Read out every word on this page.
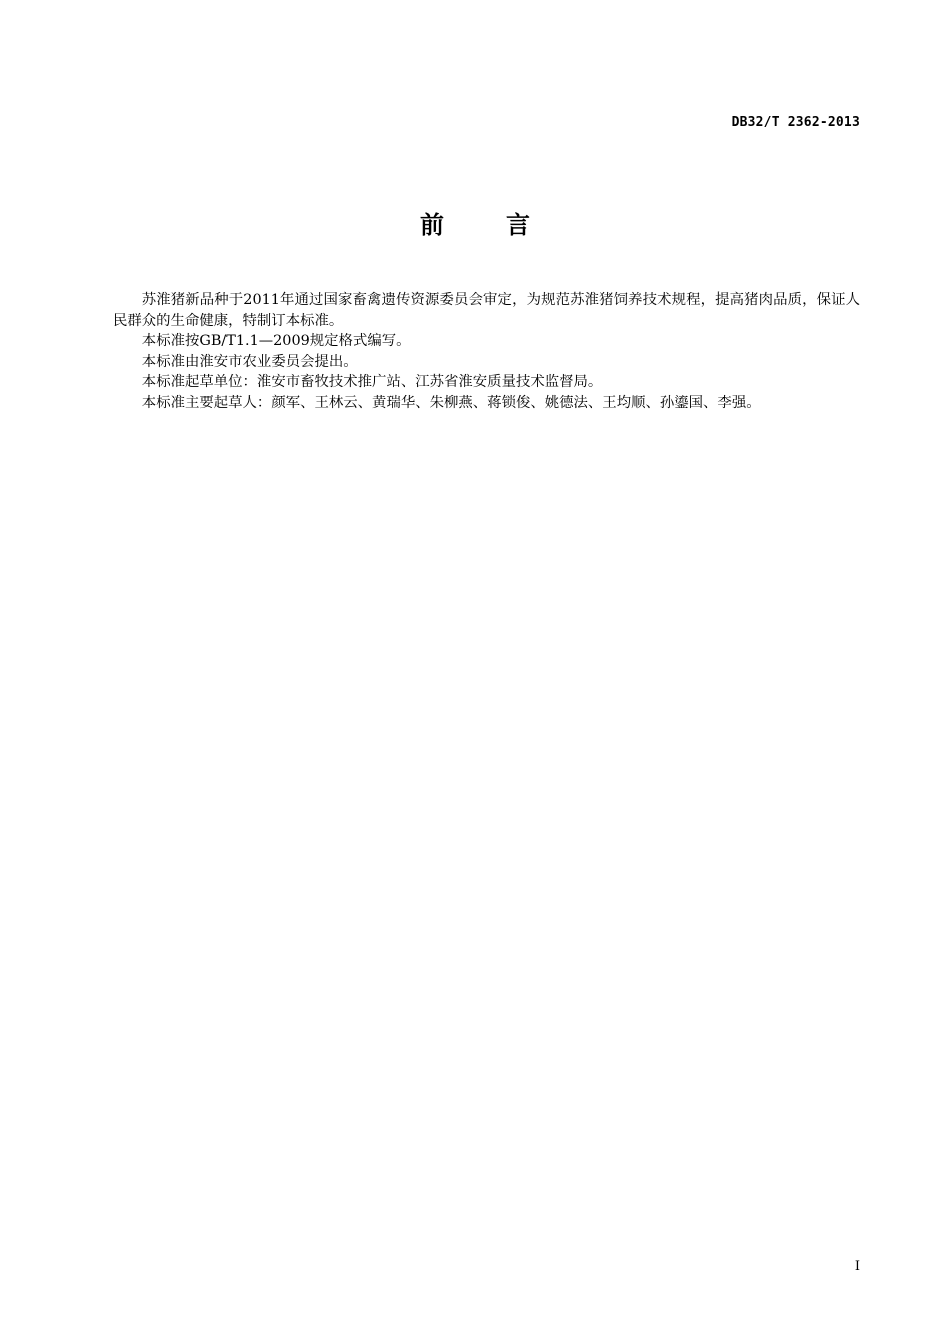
DB32/T 2362-2013
前	言

苏淮猪新品种于2011年通过国家畜禽遗传资源委员会审定，为规范苏淮猪饲养技术规程，提高猪肉品质，保证人民群众的生命健康，特制订本标准。

本标准按GB/T1.1—2009规定格式编写。

本标准由淮安市农业委员会提出。

本标准起草单位：淮安市畜牧技术推广站、江苏省淮安质量技术监督局。

本标准主要起草人：颜军、王林云、黄瑞华、朱柳燕、蒋锁俊、姚德法、王均顺、孙鎏国、李强。

I
